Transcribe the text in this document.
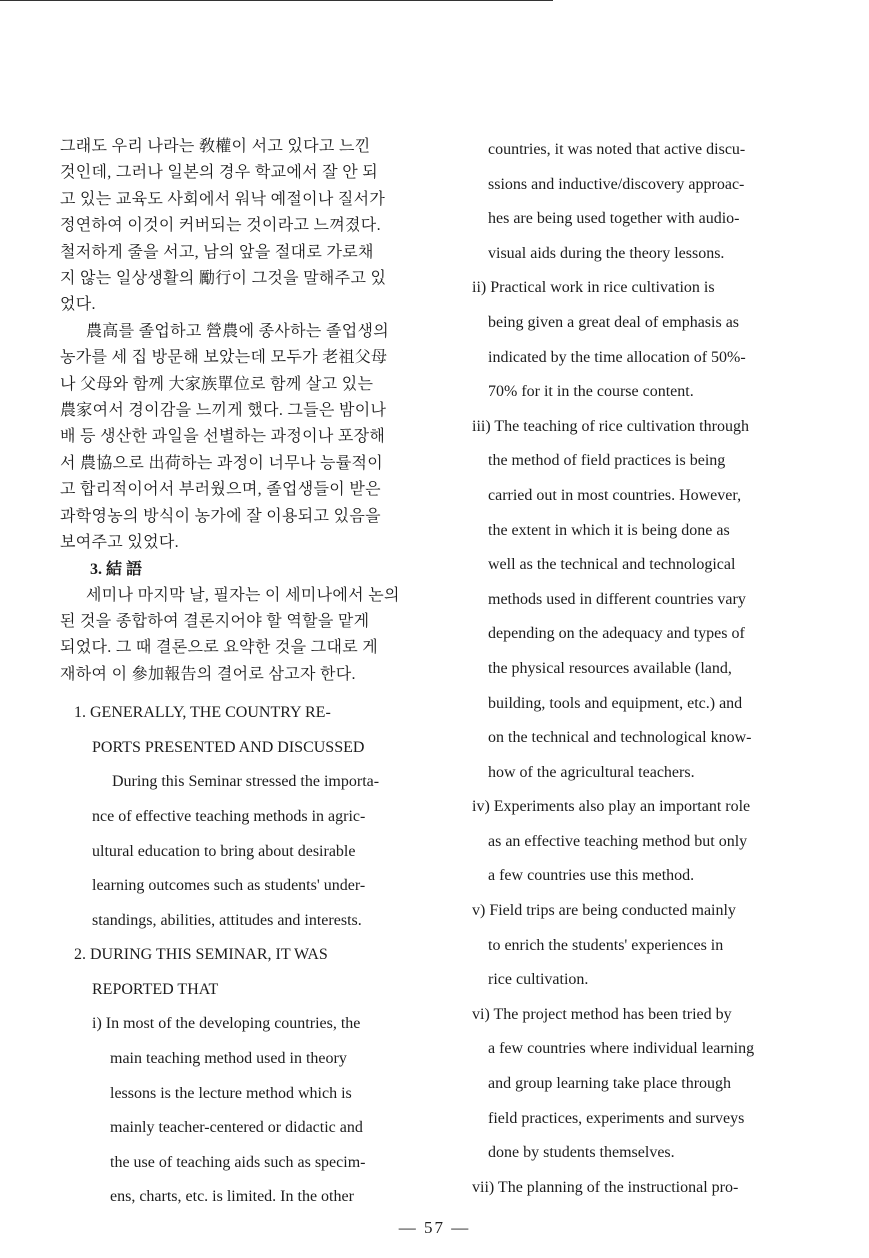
그래도 우리 나라는 敎權이 서고 있다고 느낀
것인데, 그러나 일본의 경우 학교에서 잘 안 되
고 있는 교육도 사회에서 워낙 예절이나 질서가
정연하여 이것이 커버되는 것이라고 느껴졌다.
철저하게 줄을 서고, 남의 앞을 절대로 가로채
지 않는 일상생활의 勵行이 그것을 말해주고 있
었다.
農高를 졸업하고 營農에 종사하는 졸업생의
농가를 세 집 방문해 보았는데 모두가 老祖父母
나 父母와 함께 大家族單位로 함께 살고 있는
農家여서 경이감을 느끼게 했다. 그들은 밤이나
배 등 생산한 과일을 선별하는 과정이나 포장해
서 農協으로 出荷하는 과정이 너무나 능률적이
고 합리적이어서 부러웠으며, 졸업생들이 받은
과학영농의 방식이 농가에 잘 이용되고 있음을
보여주고 있었다.
3. 結 語
세미나 마지막 날, 필자는 이 세미나에서 논의
된 것을 종합하여 결론지어야 할 역할을 맡게
되었다. 그 때 결론으로 요약한 것을 그대로 게
재하여 이 參加報告의 결어로 삼고자 한다.
1. GENERALLY, THE COUNTRY RE-
PORTS PRESENTED AND DISCUSSED
During this Seminar stressed the importa-
nce of effective teaching methods in agric-
ultural education to bring about desirable
learning outcomes such as students' under-
standings, abilities, attitudes and interests.
2. DURING THIS SEMINAR, IT WAS
REPORTED THAT
i) In most of the developing countries, the
main teaching method used in theory
lessons is the lecture method which is
mainly teacher-centered or didactic and
the use of teaching aids such as specim-
ens, charts, etc. is limited. In the other
countries, it was noted that active discu-
ssions and inductive/discovery approac-
hes are being used together with audio-
visual aids during the theory lessons.
ii) Practical work in rice cultivation is
being given a great deal of emphasis as
indicated by the time allocation of 50%-
70% for it in the course content.
iii) The teaching of rice cultivation through
the method of field practices is being
carried out in most countries. However,
the extent in which it is being done as
well as the technical and technological
methods used in different countries vary
depending on the adequacy and types of
the physical resources available (land,
building, tools and equipment, etc.) and
on the technical and technological know-
how of the agricultural teachers.
iv) Experiments also play an important role
as an effective teaching method but only
a few countries use this method.
v) Field trips are being conducted mainly
to enrich the students' experiences in
rice cultivation.
vi) The project method has been tried by
a few countries where individual learning
and group learning take place through
field practices, experiments and surveys
done by students themselves.
vii) The planning of the instructional pro-
— 57 —
